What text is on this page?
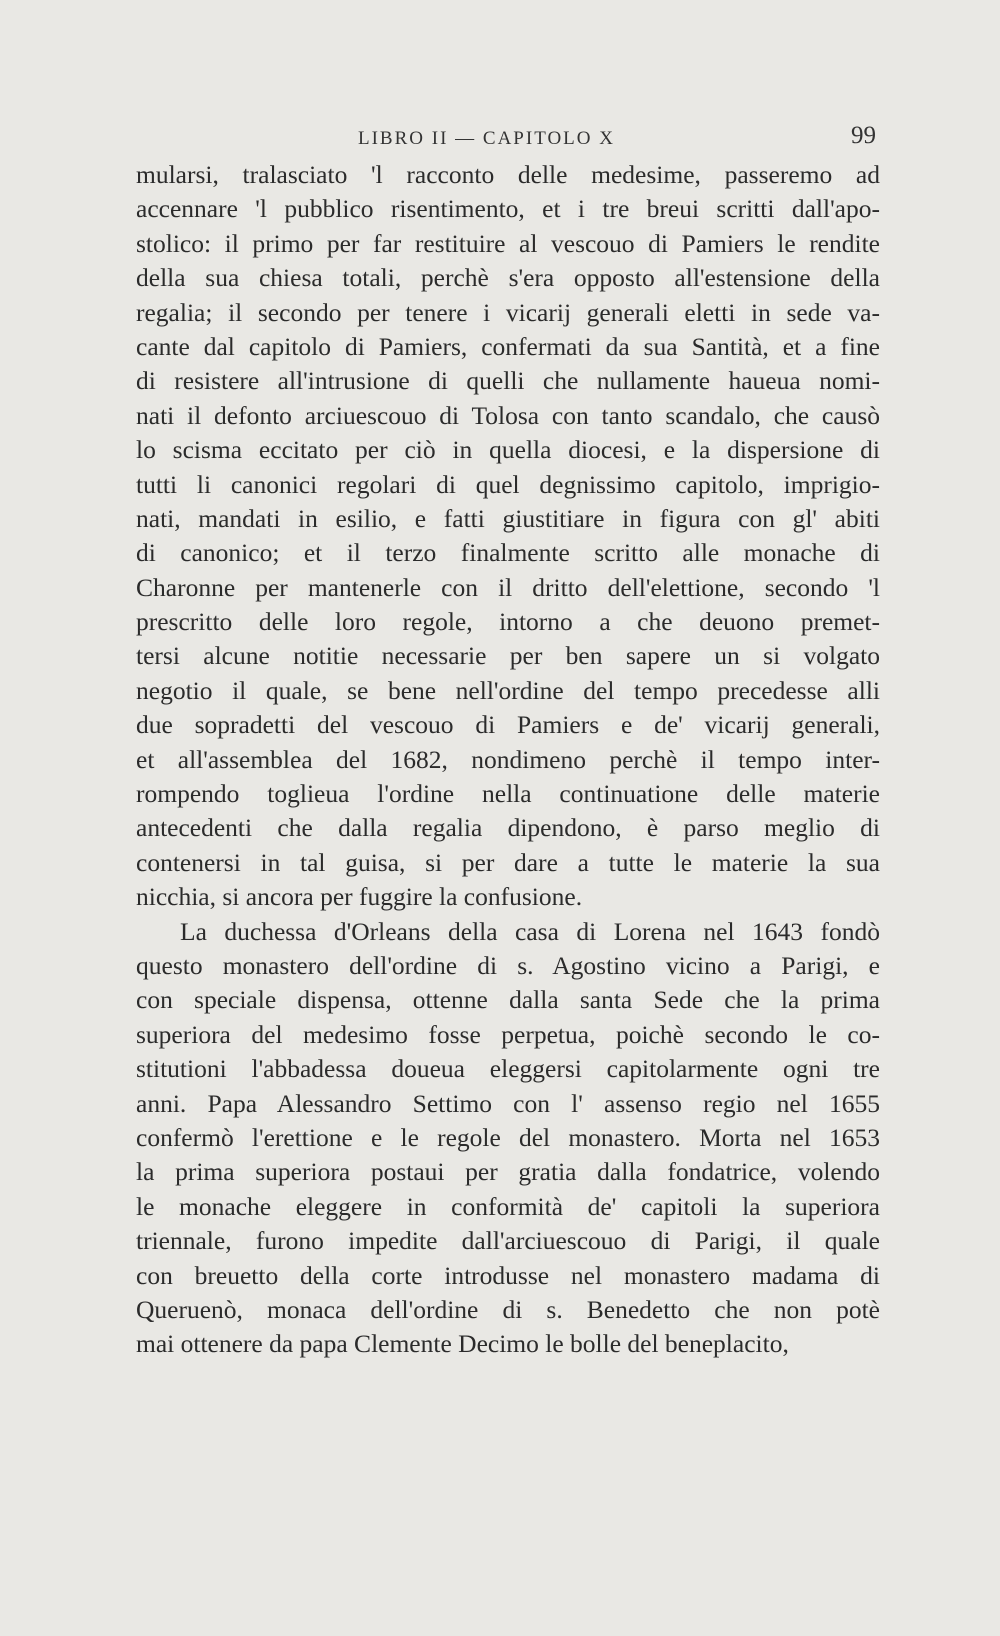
LIBRO II — CAPITOLO X	99
mularsi, tralasciato 'l racconto delle medesime, passeremo ad
accennare 'l pubblico risentimento, et i tre breui scritti dall'apo-
stolico: il primo per far restituire al vescouo di Pamiers le rendite
della sua chiesa totali, perchè s'era opposto all'estensione della
regalia; il secondo per tenere i vicarij generali eletti in sede va-
cante dal capitolo di Pamiers, confermati da sua Santità, et a fine
di resistere all'intrusione di quelli che nullamente haueua nomi-
nati il defonto arciuescouo di Tolosa con tanto scandalo, che causò
lo scisma eccitato per ciò in quella diocesi, e la dispersione di
tutti li canonici regolari di quel degnissimo capitolo, imprigio-
nati, mandati in esilio, e fatti giustitiare in figura con gl' abiti
di canonico; et il terzo finalmente scritto alle monache di
Charonne per mantenerle con il dritto dell'elettione, secondo 'l
prescritto delle loro regole, intorno a che deuono premet-
tersi alcune notitie necessarie per ben sapere un si volgato
negotio il quale, se bene nell'ordine del tempo precedesse alli
due sopradetti del vescouo di Pamiers e de' vicarij generali,
et all'assemblea del 1682, nondimeno perchè il tempo inter-
rompendo toglieua l'ordine nella continuatione delle materie
antecedenti che dalla regalia dipendono, è parso meglio di
contenersi in tal guisa, si per dare a tutte le materie la sua
nicchia, si ancora per fuggire la confusione.
La duchessa d'Orleans della casa di Lorena nel 1643 fondò
questo monastero dell'ordine di s. Agostino vicino a Parigi, e
con speciale dispensa, ottenne dalla santa Sede che la prima
superiora del medesimo fosse perpetua, poichè secondo le co-
stitutioni l'abbadessa doueua eleggersi capitolarmente ogni tre
anni. Papa Alessandro Settimo con l' assenso regio nel 1655
confermò l'erettione e le regole del monastero. Morta nel 1653
la prima superiora postaui per gratia dalla fondatrice, volendo
le monache eleggere in conformità de' capitoli la superiora
triennale, furono impedite dall'arciuescouo di Parigi, il quale
con breuetto della corte introdusse nel monastero madama di
Queruenò, monaca dell'ordine di s. Benedetto che non potè
mai ottenere da papa Clemente Decimo le bolle del beneplacito,
